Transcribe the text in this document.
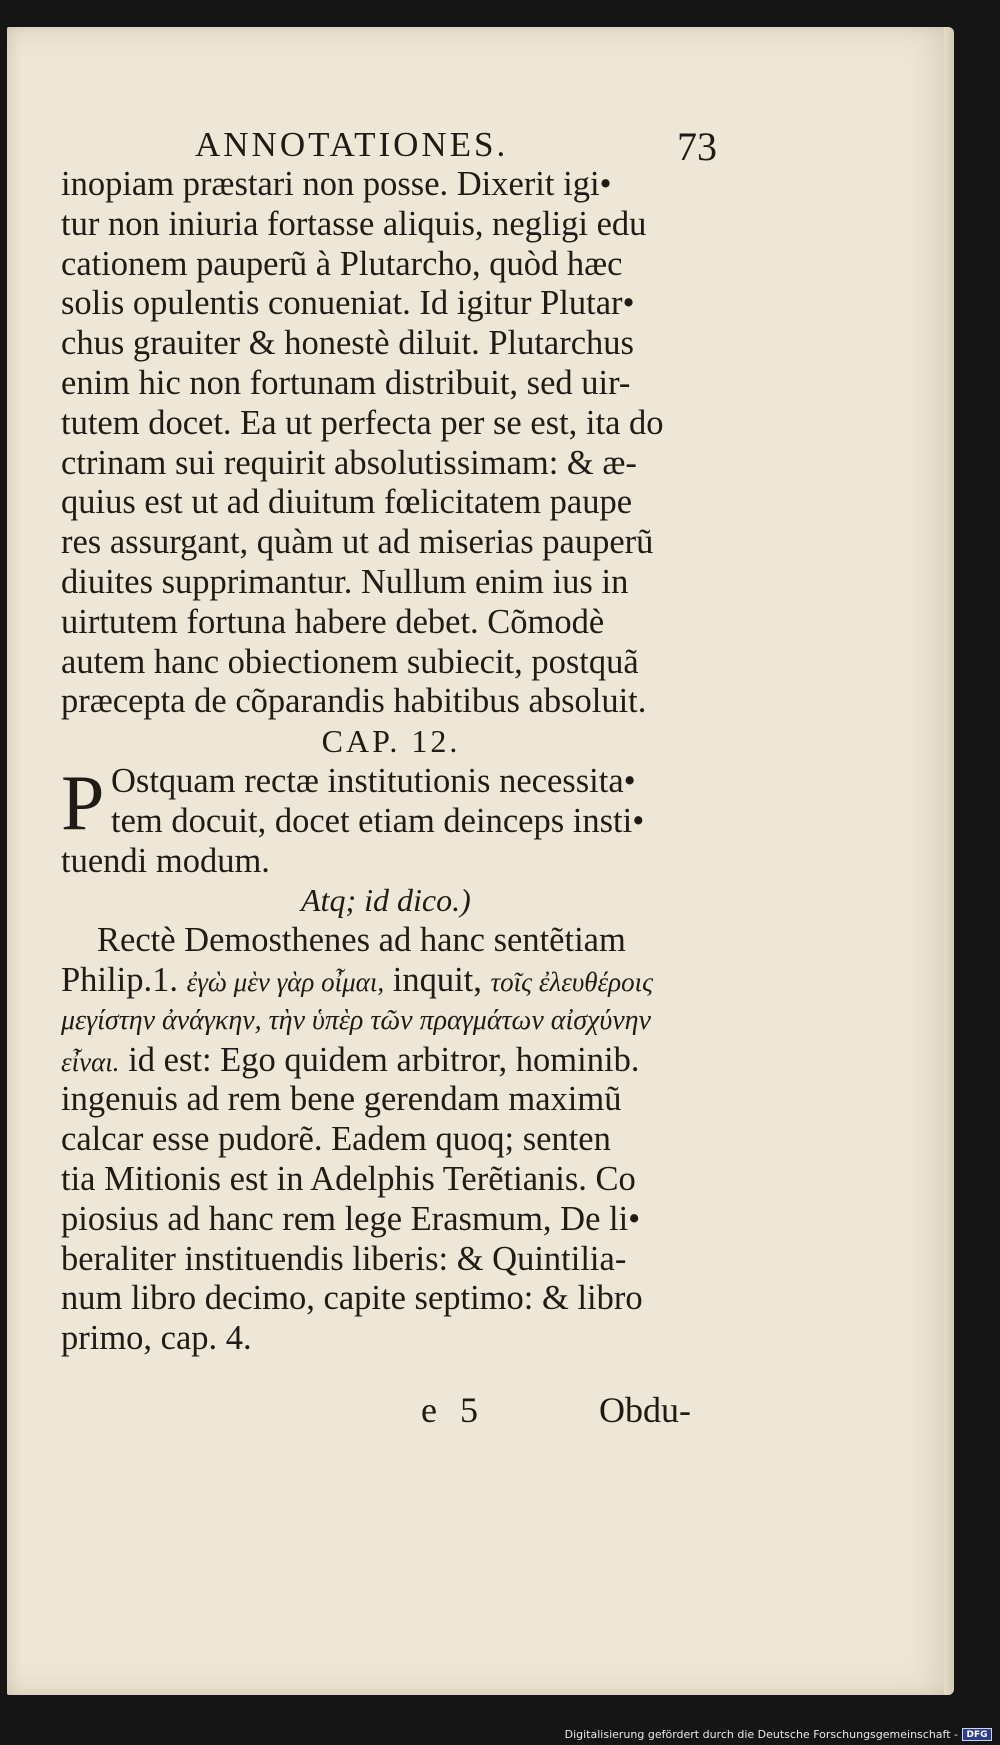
ANNOTATIONES.	73
inopiam præstari non posse. Dixerit igi•
tur non iniuria fortasse aliquis, negligi edu
cationem pauperũ à Plutarcho, quòd hæc
solis opulentis conueniat. Id igitur Plutar•
chus grauiter & honestè diluit. Plutarchus
enim hic non fortunam distribuit, sed uir-
tutem docet. Ea ut perfecta per se est, ita do
ctrinam sui requirit absolutissimam: & æ-
quius est ut ad diuitum fœlicitatem paupe
res assurgant, quàm ut ad miserias pauperũ
diuites supprimantur. Nullum enim ius in
uirtutem fortuna habere debet. Cõmodè
autem hanc obiectionem subiecit, postquã
præcepta de cõparandis habitibus absoluit.
CAP. 12.
P Ostquam rectæ institutionis necessita•
tem docuit, docet etiam deinceps insti•
tuendi modum.
Atq; id dico.)
Rectè Demosthenes ad hanc sentẽtiam
Philip.1. ἐγὼ μὲν γὰρ οἶμαι, inquit, τοῖς ἐλευθέροις
μεγίστην ἀνάγκην, τὴν ὑπὲρ τῶν πραγμάτων αἰσχύνην
εἶναι. id est: Ego quidem arbitror, hominib.
ingenuis ad rem bene gerendam maximũ
calcar esse pudorẽ. Eadem quoq; senten
tia Mitionis est in Adelphis Terẽtianis. Co
piosius ad hanc rem lege Erasmum, De li•
beraliter instituendis liberis: & Quintilia-
num libro decimo, capite septimo: & libro
primo, cap. 4.
e 5	Obdu-
Digitalisierung gefördert durch die Deutsche Forschungsgemeinschaft - DFG
